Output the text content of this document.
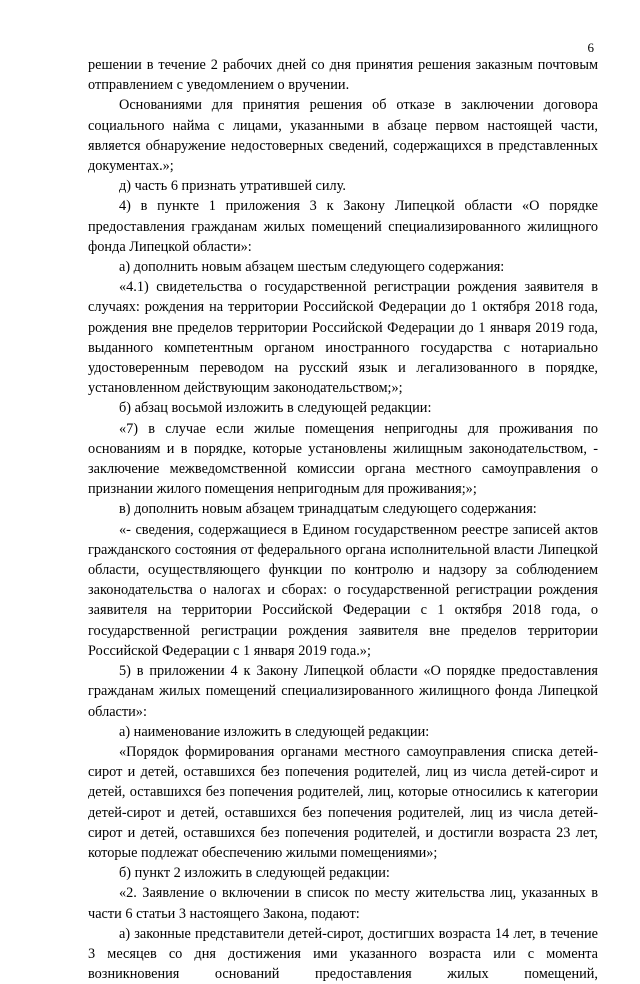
6

решении в течение 2 рабочих дней со дня принятия решения заказным почтовым отправлением с уведомлением о вручении.

Основаниями для принятия решения об отказе в заключении договора социального найма с лицами, указанными в абзаце первом настоящей части, является обнаружение недостоверных сведений, содержащихся в представленных документах.»;

д) часть 6 признать утратившей силу.

4) в пункте 1 приложения 3 к Закону Липецкой области «О порядке предоставления гражданам жилых помещений специализированного жилищного фонда Липецкой области»:

а) дополнить новым абзацем шестым следующего содержания:

«4.1) свидетельства о государственной регистрации рождения заявителя в случаях: рождения на территории Российской Федерации до 1 октября 2018 года, рождения вне пределов территории Российской Федерации до 1 января 2019 года, выданного компетентным органом иностранного государства с нотариально удостоверенным переводом на русский язык и легализованного в порядке, установленном действующим законодательством;»;

б) абзац восьмой изложить в следующей редакции:

«7) в случае если жилые помещения непригодны для проживания по основаниям и в порядке, которые установлены жилищным законодательством, - заключение межведомственной комиссии органа местного самоуправления о признании жилого помещения непригодным для проживания;»;

в) дополнить новым абзацем тринадцатым следующего содержания:

«- сведения, содержащиеся в Едином государственном реестре записей актов гражданского состояния от федерального органа исполнительной власти Липецкой области, осуществляющего функции по контролю и надзору за соблюдением законодательства о налогах и сборах: о государственной регистрации рождения заявителя на территории Российской Федерации с 1 октября 2018 года, о государственной регистрации рождения заявителя вне пределов территории Российской Федерации с 1 января 2019 года.»;

5) в приложении 4 к Закону Липецкой области «О порядке предоставления гражданам жилых помещений специализированного жилищного фонда Липецкой области»:

а) наименование изложить в следующей редакции:

«Порядок формирования органами местного самоуправления списка детей-сирот и детей, оставшихся без попечения родителей, лиц из числа детей-сирот и детей, оставшихся без попечения родителей, лиц, которые относились к категории детей-сирот и детей, оставшихся без попечения родителей, лиц из числа детей-сирот и детей, оставшихся без попечения родителей, и достигли возраста 23 лет, которые подлежат обеспечению жилыми помещениями»;

б) пункт 2 изложить в следующей редакции:

«2. Заявление о включении в список по месту жительства лиц, указанных в части 6 статьи 3 настоящего Закона, подают:

а) законные представители детей-сирот, достигших возраста 14 лет, в течение 3 месяцев со дня достижения ими указанного возраста или с момента возникновения оснований предоставления жилых помещений,
